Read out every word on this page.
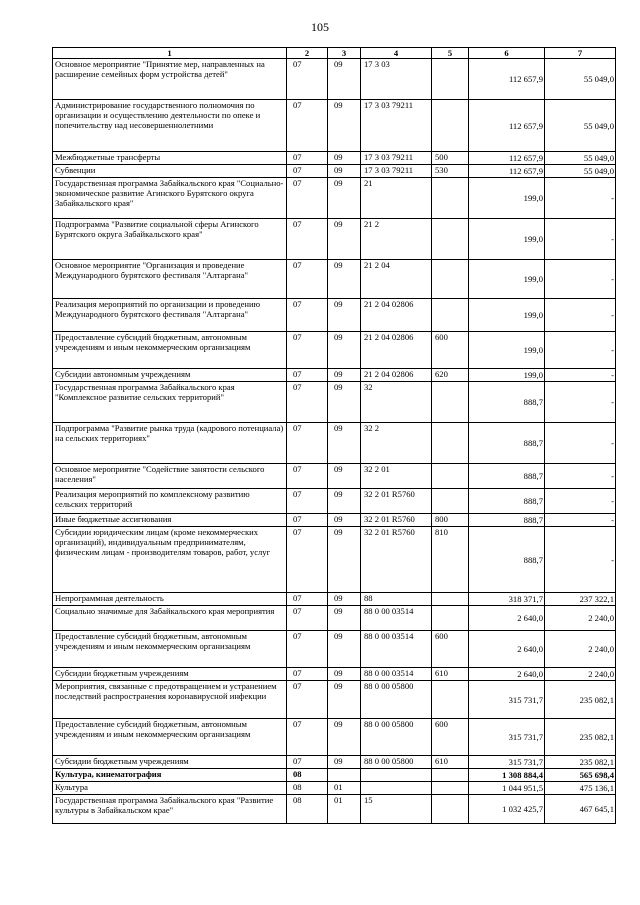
105
1	2	3	4	5	6	7
Основное мероприятие "Принятие мер, направленных на расширение семейных форм устройства детей"	07	09	17 3 03		112 657,9	55 049,0
Администрирование государственного полномочия по организации и осуществлению деятельности по опеке и попечительству над несовершеннолетними	07	09	17 3 03 79211		112 657,9	55 049,0
Межбюджетные трансферты	07	09	17 3 03 79211	500	112 657,9	55 049,0
Субвенции	07	09	17 3 03 79211	530	112 657,9	55 049,0
Государственная программа Забайкальского края "Социально-экономическое развитие Агинского Бурятского округа Забайкальского края"	07	09	21		199,0	-
Подпрограмма "Развитие социальной сферы Агинского Бурятского округа Забайкальского края"	07	09	21 2		199,0	-
Основное мероприятие "Организация и проведение Международного бурятского фестиваля "Алтаргана"	07	09	21 2 04		199,0	-
Реализация мероприятий по организации и проведению Международного бурятского фестиваля "Алтаргана"	07	09	21 2 04 02806		199,0	-
Предоставление субсидий бюджетным, автономным учреждениям и иным некоммерческим организациям	07	09	21 2 04 02806	600	199,0	-
Субсидии автономным учреждениям	07	09	21 2 04 02806	620	199,0	-
Государственная программа Забайкальского края "Комплексное развитие сельских территорий"	07	09	32		888,7	-
Подпрограмма "Развитие рынка труда (кадрового потенциала) на сельских территориях"	07	09	32 2		888,7	-
Основное мероприятие "Содействие занятости сельского населения"	07	09	32 2 01		888,7	-
Реализация мероприятий по комплексному развитию сельских территорий	07	09	32 2 01 R5760		888,7	-
Иные бюджетные ассигнования	07	09	32 2 01 R5760	800	888,7	-
Субсидии юридическим лицам (кроме некоммерческих организаций), индивидуальным предпринимателям, физическим лицам - производителям товаров, работ, услуг	07	09	32 2 01 R5760	810	888,7	-
Непрограммная деятельность	07	09	88		318 371,7	237 322,1
Социально значимые для Забайкальского края мероприятия	07	09	88 0 00 03514		2 640,0	2 240,0
Предоставление субсидий бюджетным, автономным учреждениям и иным некоммерческим организациям	07	09	88 0 00 03514	600	2 640,0	2 240,0
Субсидии бюджетным учреждениям	07	09	88 0 00 03514	610	2 640,0	2 240,0
Мероприятия, связанные с предотвращением и устранением последствий распространения коронавирусной инфекции	07	09	88 0 00 05800		315 731,7	235 082,1
Предоставление субсидий бюджетным, автономным учреждениям и иным некоммерческим организациям	07	09	88 0 00 05800	600	315 731,7	235 082,1
Субсидии бюджетным учреждениям	07	09	88 0 00 05800	610	315 731,7	235 082,1
Культура, кинематография	08				1 308 884,4	565 698,4
Культура	08	01			1 044 951,5	475 136,1
Государственная программа Забайкальского края "Развитие культуры в Забайкальском крае"	08	01	15		1 032 425,7	467 645,1
